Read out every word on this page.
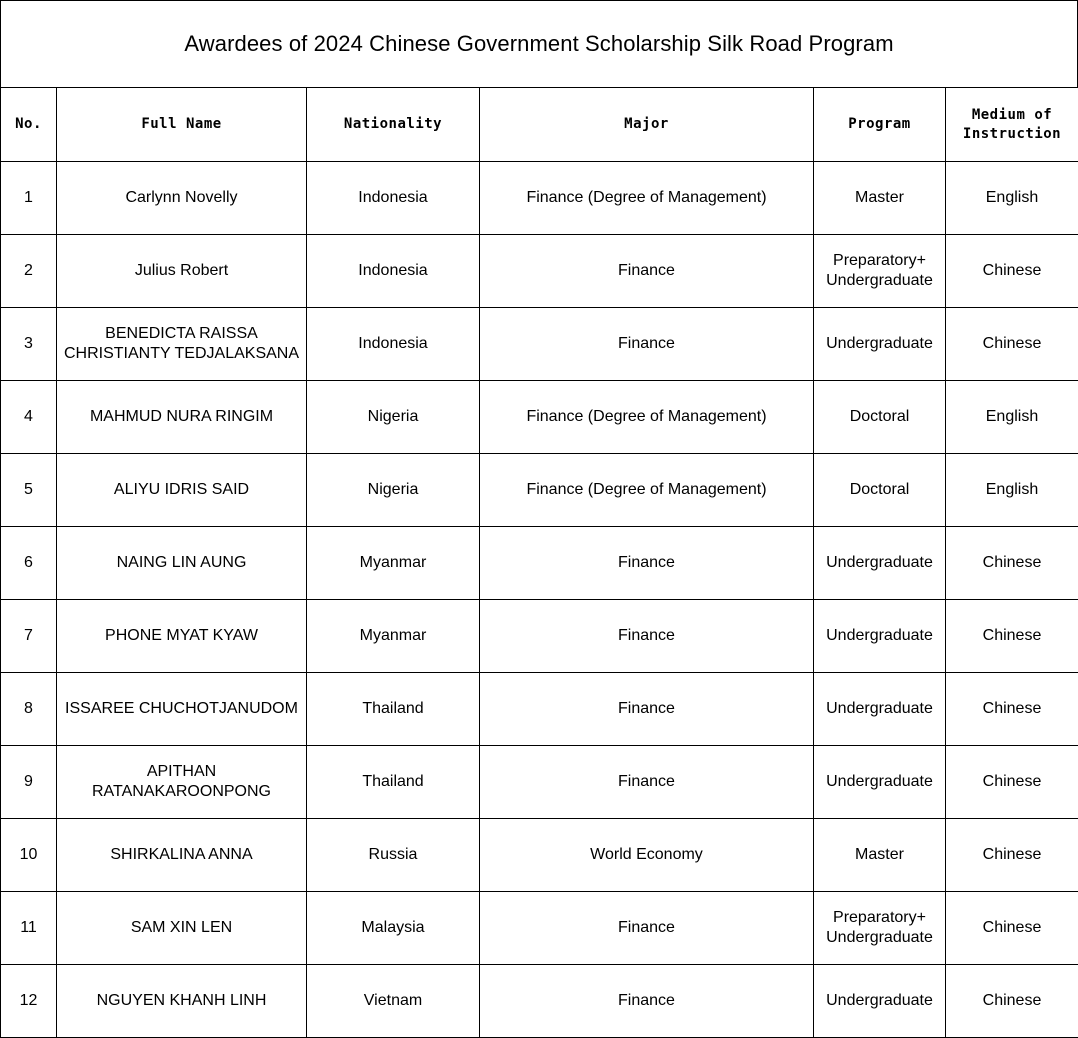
Awardees of 2024 Chinese Government Scholarship Silk Road Program
No.	Full Name	Nationality	Major	Program	Medium of Instruction
1	Carlynn Novelly	Indonesia	Finance (Degree of Management)	Master	English
2	Julius Robert	Indonesia	Finance	Preparatory+ Undergraduate	Chinese
3	BENEDICTA RAISSA CHRISTIANTY TEDJALAKSANA	Indonesia	Finance	Undergraduate	Chinese
4	MAHMUD NURA RINGIM	Nigeria	Finance (Degree of Management)	Doctoral	English
5	ALIYU IDRIS SAID	Nigeria	Finance (Degree of Management)	Doctoral	English
6	NAING LIN AUNG	Myanmar	Finance	Undergraduate	Chinese
7	PHONE MYAT KYAW	Myanmar	Finance	Undergraduate	Chinese
8	ISSAREE CHUCHOTJANUDOM	Thailand	Finance	Undergraduate	Chinese
9	APITHAN RATANAKAROONPONG	Thailand	Finance	Undergraduate	Chinese
10	SHIRKALINA ANNA	Russia	World Economy	Master	Chinese
11	SAM XIN LEN	Malaysia	Finance	Preparatory+ Undergraduate	Chinese
12	NGUYEN KHANH LINH	Vietnam	Finance	Undergraduate	Chinese
